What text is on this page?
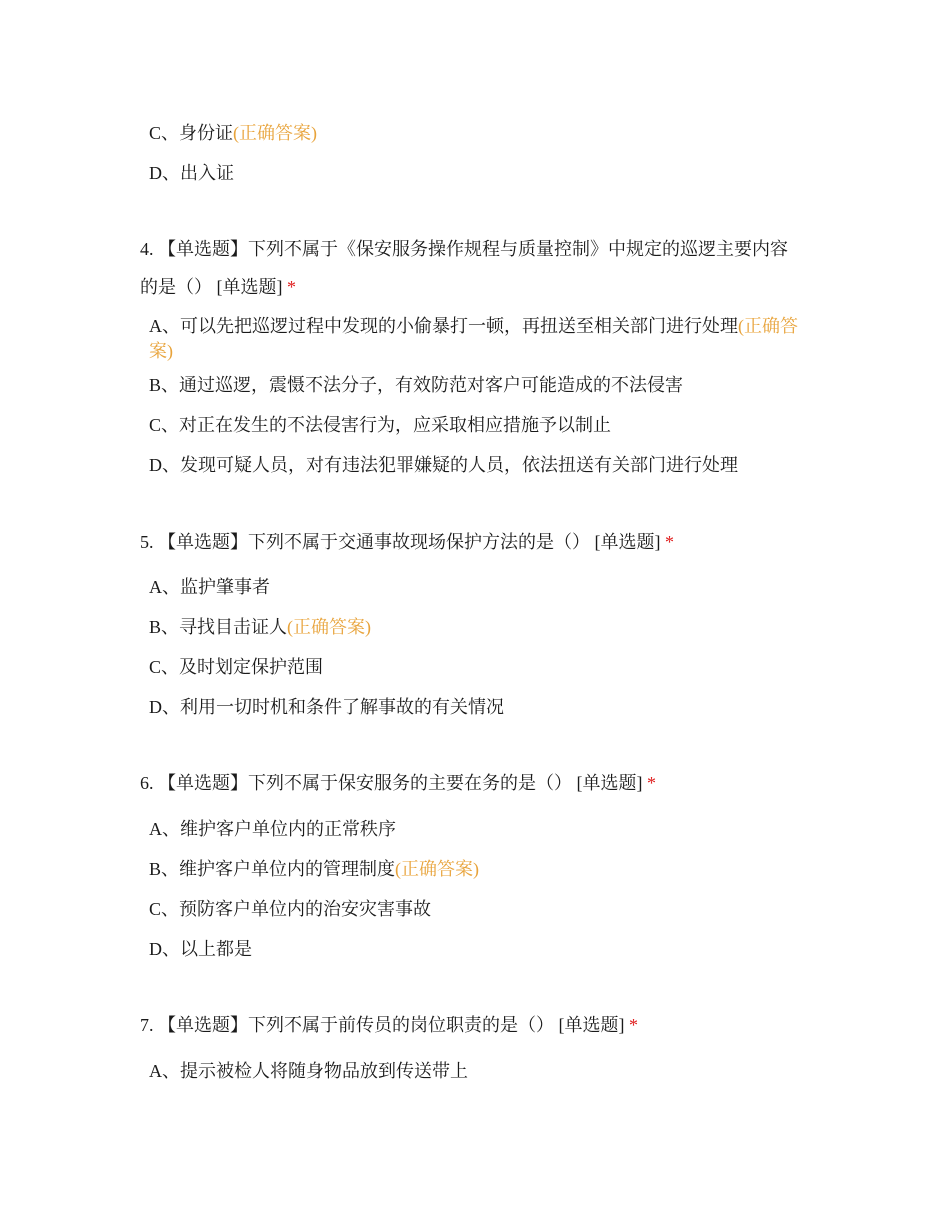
C、身份证(正确答案)
D、出入证
4. 【单选题】下列不属于《保安服务操作规程与质量控制》中规定的巡逻主要内容
的是（） [单选题] *
A、可以先把巡逻过程中发现的小偷暴打一顿，再扭送至相关部门进行处理(正确答案)
B、通过巡逻，震慑不法分子，有效防范对客户可能造成的不法侵害
C、对正在发生的不法侵害行为，应采取相应措施予以制止
D、发现可疑人员，对有违法犯罪嫌疑的人员，依法扭送有关部门进行处理
5. 【单选题】下列不属于交通事故现场保护方法的是（） [单选题] *
A、监护肇事者
B、寻找目击证人(正确答案)
C、及时划定保护范围
D、利用一切时机和条件了解事故的有关情况
6. 【单选题】下列不属于保安服务的主要在务的是（） [单选题] *
A、维护客户单位内的正常秩序
B、维护客户单位内的管理制度(正确答案)
C、预防客户单位内的治安灾害事故
D、以上都是
7. 【单选题】下列不属于前传员的岗位职责的是（） [单选题] *
A、提示被检人将随身物品放到传送带上
